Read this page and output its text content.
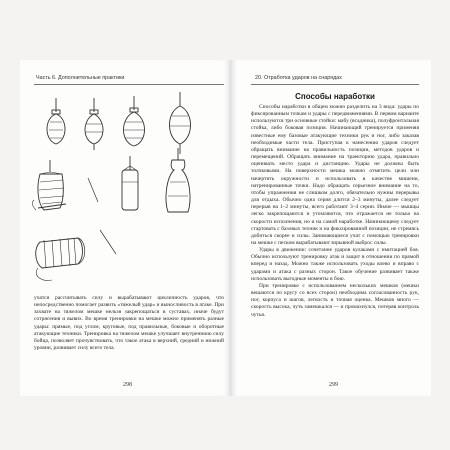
Часть 6. Дополнительные практики

учатся рассчитывать силу и вырабатывают цикличность ударов, что непосредственно помогает развить «тяжелый удар» и выносливость в атаке. При захвате на тяжелом мешке нельзя закрепощаться в суставах, иначе будут сотрясения и вывих. Во время тренировки на мешке можно применять разные удары: прямые, под углом, круговые, под правильные, боковые и оборотные атакующие техники. Тренировка на тяжелом мешке улучшает внутреннюю силу бойца, позволяет прочувствовать, что такое атака в верхний, средний и нижний уровни, развивает силу всего тела.

298
20. Отработка ударов на снарядах
Способы наработки

Способы наработки в общем можно разделить на 3 вида: удары по фиксированным точкам и удары с передвижениями. В первом варианте используются три основные стойки: мабу (всадника), полуфронтальная стойка, либо боковая позиция. Начинающий тренируется применяя известные ему базовые атакующие техники рук и ног, либо заказав необходимые части тела. Приступая к нанесению ударов следует обращать внимание на правильность позиции, методов ударов и перемещений. Обращать внимание на траекторию удара, правильно оценивать место удара и дистанцию. Удары не должны быть толчковыми. На поверхности мешка можно отметить цели или начертить окружности и использовать в качестве мишени, натренированные точки. Надо обращать серьезное внимание на то, чтобы упражнения не слишком долго, обязательно нужны перерывы для отдыха. Обычно одна серия длится 2–3 минуты, далее следует перерыв на 1–2 минуты, всего работают 3–4 серии. Иначе — мышцы легко закрепощаются и утомляются, что отражается не только на скорости исполнения, но и на самой наработке. Начинающему следует стартовать с базовых техник и на фиксированной позиции, не стремясь добиться скорее и силы. Занимающиеся учат с помощью тренировки на мешке с песком вырабатывают взрывной выброс силы.

Удары в движении: сочетание ударов кулаками с имитацией боя. Обычно используют тренировку атак и защит в отношении по прямой вперед и назад. Можно также использовать уходы влево и вправо с ударами и атака с разных сторон. Такое обучение развивает также использовать выгодные моменты в бою.

При тренировке с использованием нескольких мешков (мешки вешаются по кругу со всех сторон) необходима согласованность рук, ног, корпуса и шагов, легкость и точная оценка. Мешков много — скорость высока, чуть замешкался — и промахнулся, потеряв контроль чутья.

299
